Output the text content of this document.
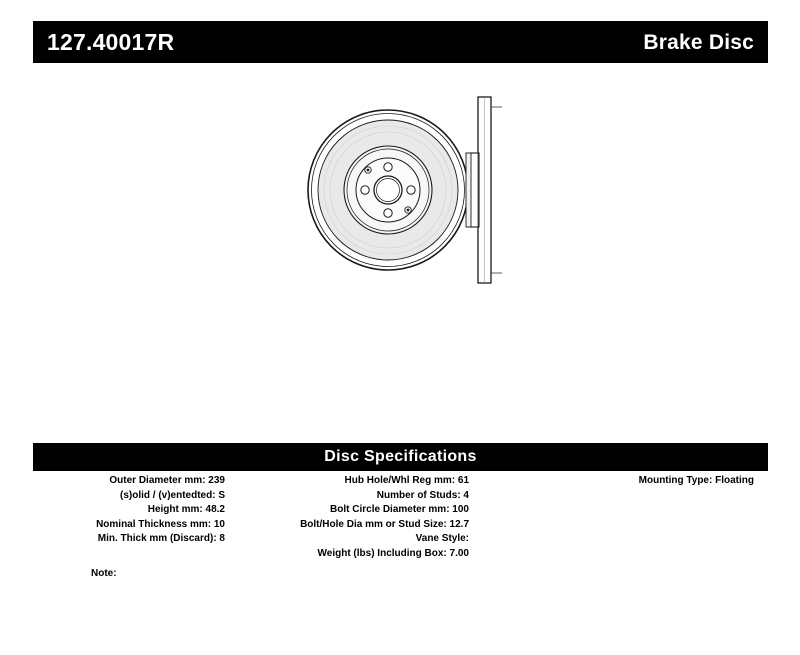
127.40017R	Brake Disc
Disc Specifications
Outer Diameter mm: 239
(s)olid / (v)entedted: S
Height mm: 48.2
Nominal Thickness mm: 10
Min. Thick mm (Discard): 8
Hub Hole/Whl Reg mm: 61
Number of Studs: 4
Bolt Circle Diameter mm: 100
Bolt/Hole Dia mm or Stud Size: 12.7
Vane Style:
Weight (lbs) Including Box: 7.00
Mounting Type: Floating
Note:
